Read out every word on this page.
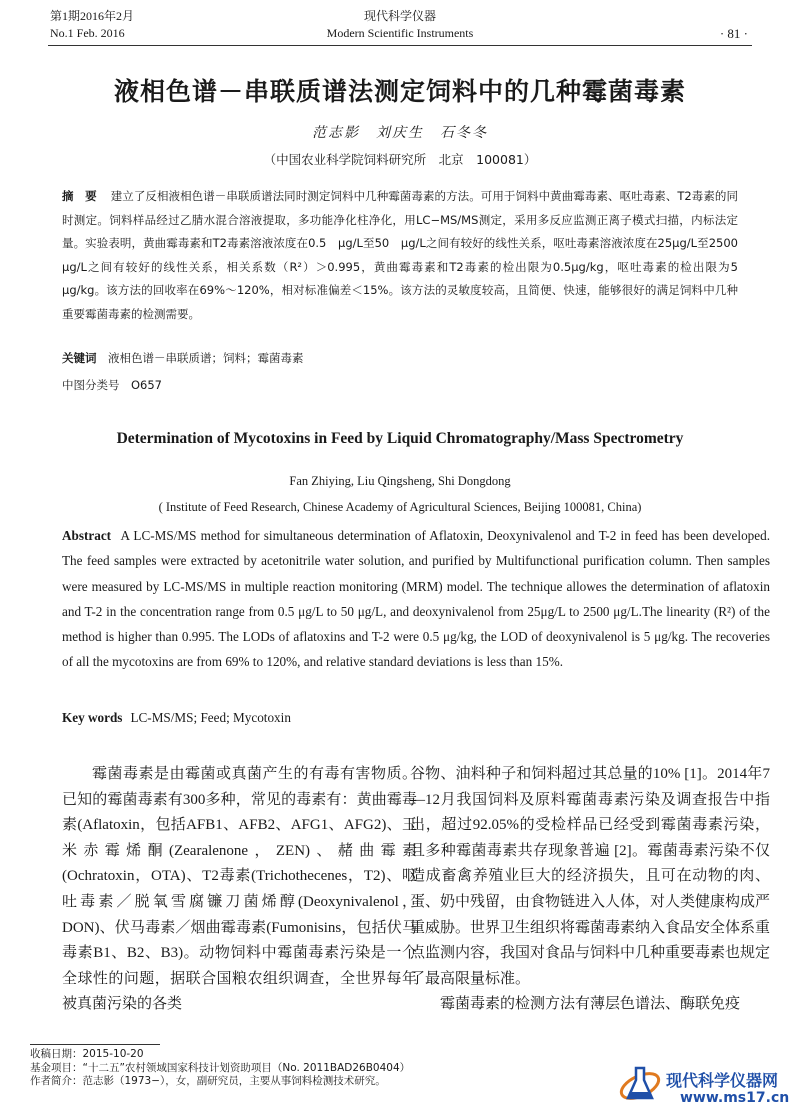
第1期2016年2月
No.1 Feb. 2016
现代科学仪器
Modern Scientific Instruments	· 81 ·
液相色谱－串联质谱法测定饲料中的几种霉菌毒素
范志影　刘庆生　石冬冬
（中国农业科学院饲料研究所　北京　100081）
摘　要 建立了反相液相色谱－串联质谱法同时测定饲料中几种霉菌毒素的方法。可用于饲料中黄曲霉毒素、呕吐毒素、T2毒素的同时测定。饲料样品经过乙腈水混合溶液提取，多功能净化柱净化，用LC−MS/MS测定，采用多反应监测正离子模式扫描，内标法定量。实验表明，黄曲霉毒素和T2毒素溶液浓度在0.5　μg/L至50　μg/L之间有较好的线性关系，呕吐毒素溶液浓度在25μg/L至2500　μg/L之间有较好的线性关系，相关系数（R²）＞0.995，黄曲霉毒素和T2毒素的检出限为0.5μg/kg，呕吐毒素的检出限为5　μg/kg。该方法的回收率在69%～120%，相对标准偏差＜15%。该方法的灵敏度较高，且简便、快速，能够很好的满足饲料中几种重要霉菌毒素的检测需要。
关键词　 液相色谱－串联质谱；饲料；霉菌毒素
中图分类号　 O657
Determination of Mycotoxins in Feed by Liquid Chromatography/Mass Spectrometry
Fan Zhiying, Liu Qingsheng, Shi Dongdong
( Institute of Feed Research, Chinese Academy of Agricultural Sciences, Beijing 100081, China)
Abstract A LC-MS/MS method for simultaneous determination of Aflatoxin, Deoxynivalenol and T-2 in feed has been developed. The feed samples were extracted by acetonitrile water solution, and purified by Multifunctional purification column. Then samples were measured by LC-MS/MS in multiple reaction monitoring (MRM) model. The technique allowes the determination of aflatoxin and T-2 in the concentration range from 0.5 μg/L to 50 μg/L, and deoxynivalenol from 25μg/L to 2500 μg/L.The linearity (R²) of the method is higher than 0.995. The LODs of aflatoxins and T-2 were 0.5 μg/kg, the LOD of deoxynivalenol is 5 μg/kg. The recoveries of all the mycotoxins are from 69% to 120%, and relative standard deviations is less than 15%.
Key words LC-MS/MS; Feed; Mycotoxin
霉菌毒素是由霉菌或真菌产生的有毒有害物质。已知的霉菌毒素有300多种，常见的毒素有：黄曲霉毒素(Aflatoxin，包括AFB1、AFB2、AFG1、AFG2)、玉米赤霉烯酮(Zearalenone，ZEN)、赭曲霉素(Ochratoxin，OTA)、T2毒素(Trichothecenes，T2)、呕吐毒素／脱氧雪腐镰刀菌烯醇(Deoxynivalenol，DON)、伏马毒素／烟曲霉毒素(Fumonisins，包括伏马毒素B1、B2、B3)。动物饲料中霉菌毒素污染是一个全球性的问题，据联合国粮农组织调查，全世界每年被真菌污染的各类

谷物、油料种子和饲料超过其总量的10% [1]。2014年7—12月我国饲料及原料霉菌毒素污染及调查报告中指出，超过92.05%的受检样品已经受到霉菌毒素污染，且多种霉菌毒素共存现象普遍 [2]。霉菌毒素污染不仅造成畜禽养殖业巨大的经济损失，且可在动物的肉、蛋、奶中残留，由食物链进入人体，对人类健康构成严重威胁。世界卫生组织将霉菌毒素纳入食品安全体系重点监测内容，我国对食品与饲料中几种重要毒素也规定了最高限量标准。

霉菌毒素的检测方法有薄层色谱法、酶联免疫

收稿日期：2015-10-20
基金项目：“十二五”农村领域国家科技计划资助项目（No. 2011BAD26B0404）
作者简介：范志影（1973−），女，副研究员，主要从事饲料检测技术研究。	现代科学仪器网
www.ms17.cn
